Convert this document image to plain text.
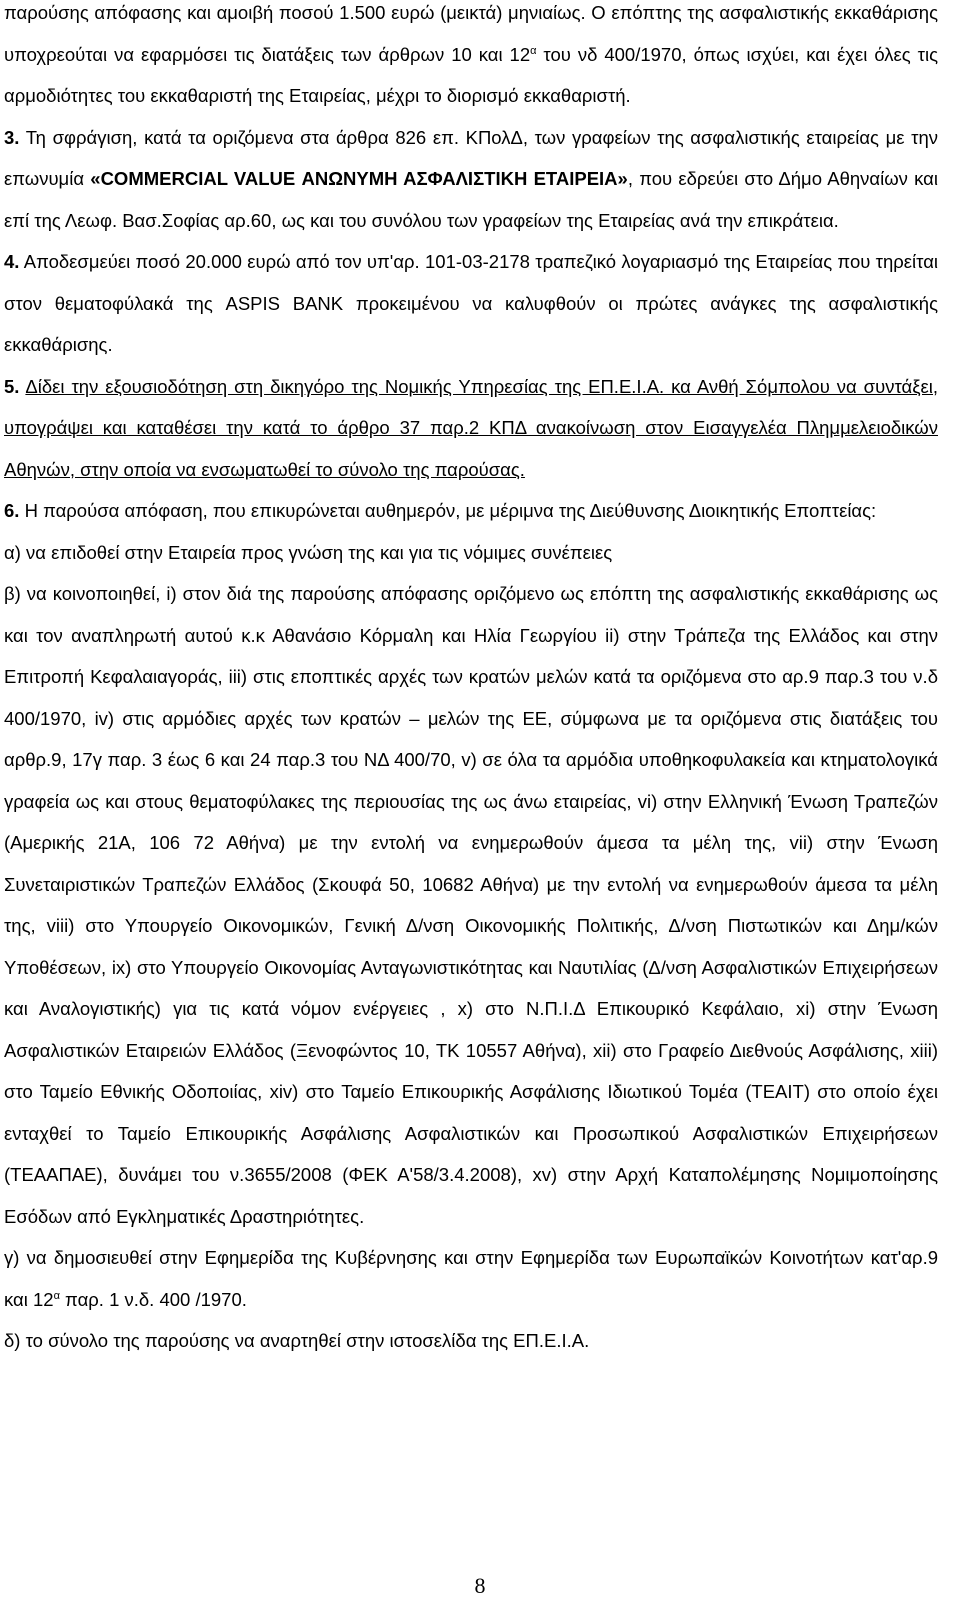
παρούσης απόφασης και αμοιβή ποσού 1.500 ευρώ (μεικτά) μηνιαίως. Ο επόπτης της ασφαλιστικής εκκαθάρισης υποχρεούται να εφαρμόσει τις διατάξεις των άρθρων 10 και $12^\alpha$ του νδ 400/1970, όπως ισχύει, και έχει όλες τις αρμοδιότητες του εκκαθαριστή της Εταιρείας, μέχρι το διορισμό εκκαθαριστή.

3. Τη σφράγιση, κατά τα οριζόμενα στα άρθρα 826 επ. ΚΠολΔ, των γραφείων της ασφαλιστικής εταιρείας με την επωνυμία «COMMERCIAL VALUE ΑΝΩΝΥΜΗ ΑΣΦΑΛΙΣΤΙΚΗ ΕΤΑΙΡΕΙΑ», που εδρεύει στο Δήμο Αθηναίων και επί της Λεωφ. Βασ.Σοφίας αρ.60, ως και του συνόλου των γραφείων της Εταιρείας ανά την επικράτεια.

4. Αποδεσμεύει ποσό 20.000 ευρώ από τον υπ'αρ. 101-03-2178 τραπεζικό λογαριασμό της Εταιρείας που τηρείται στον θεματοφύλακά της ASPIS BANK προκειμένου να καλυφθούν οι πρώτες ανάγκες της ασφαλιστικής εκκαθάρισης.

5. Δίδει την εξουσιοδότηση στη δικηγόρο της Νομικής Υπηρεσίας της ΕΠ.Ε.Ι.Α. κα Ανθή Σόμπολου να συντάξει, υπογράψει και καταθέσει την κατά το άρθρο 37 παρ.2 ΚΠΔ ανακοίνωση στον Εισαγγελέα Πλημμελειοδικών Αθηνών, στην οποία να ενσωματωθεί το σύνολο της παρούσας.

6. Η παρούσα απόφαση, που επικυρώνεται αυθημερόν, με μέριμνα της Διεύθυνσης Διοικητικής Εποπτείας:

α) να επιδοθεί στην Εταιρεία προς γνώση της και για τις νόμιμες συνέπειες

β) να κοινοποιηθεί, i) στον διά της παρούσης απόφασης οριζόμενο ως επόπτη της ασφαλιστικής εκκαθάρισης ως και τον αναπληρωτή αυτού κ.κ Αθανάσιο Κόρμαλη και Ηλία Γεωργίου ii) στην Τράπεζα της Ελλάδος και στην Επιτροπή Κεφαλαιαγοράς, iii) στις εποπτικές αρχές των κρατών μελών κατά τα οριζόμενα στο αρ.9 παρ.3 του ν.δ 400/1970, iv) στις αρμόδιες αρχές των κρατών – μελών της ΕΕ, σύμφωνα με τα οριζόμενα στις διατάξεις του αρθρ.9, 17γ παρ. 3 έως 6 και 24 παρ.3 του ΝΔ 400/70, v) σε όλα τα αρμόδια υποθηκοφυλακεία και κτηματολογικά γραφεία ως και στους θεματοφύλακες της περιουσίας της ως άνω εταιρείας, vi) στην Ελληνική Ένωση Τραπεζών (Αμερικής 21Α, 106 72 Αθήνα) με την εντολή να ενημερωθούν άμεσα τα μέλη της, vii) στην Ένωση Συνεταιριστικών Τραπεζών Ελλάδος (Σκουφά 50, 10682 Αθήνα) με την εντολή να ενημερωθούν άμεσα τα μέλη της, viii) στο Υπουργείο Οικονομικών, Γενική Δ/νση Οικονομικής Πολιτικής, Δ/νση Πιστωτικών και Δημ/κών Υποθέσεων, ix) στο Υπουργείο Οικονομίας Ανταγωνιστικότητας και Ναυτιλίας (Δ/νση Ασφαλιστικών Επιχειρήσεων και Αναλογιστικής) για τις κατά νόμον ενέργειες , x) στο Ν.Π.Ι.Δ Επικουρικό Κεφάλαιο, xi) στην Ένωση Ασφαλιστικών Εταιρειών Ελλάδος (Ξενοφώντος 10, ΤΚ 10557 Αθήνα), xii) στο Γραφείο Διεθνούς Ασφάλισης, xiii) στο Ταμείο Εθνικής Οδοποιίας, xiv) στο Ταμείο Επικουρικής Ασφάλισης Ιδιωτικού Τομέα (ΤΕΑΙΤ) στο οποίο έχει ενταχθεί το Ταμείο Επικουρικής Ασφάλισης Ασφαλιστικών και Προσωπικού Ασφαλιστικών Επιχειρήσεων (ΤΕΑΑΠΑΕ), δυνάμει του ν.3655/2008 (ΦΕΚ Α'58/3.4.2008), xv) στην Αρχή Καταπολέμησης Νομιμοποίησης Εσόδων από Εγκληματικές Δραστηριότητες.

γ) να δημοσιευθεί στην Εφημερίδα της Κυβέρνησης και στην Εφημερίδα των Ευρωπαϊκών Κοινοτήτων κατ'αρ.9 και $12^\alpha$ παρ. 1 ν.δ. 400 /1970.

δ) το σύνολο της παρούσης να αναρτηθεί στην ιστοσελίδα της ΕΠ.Ε.Ι.Α.

8
